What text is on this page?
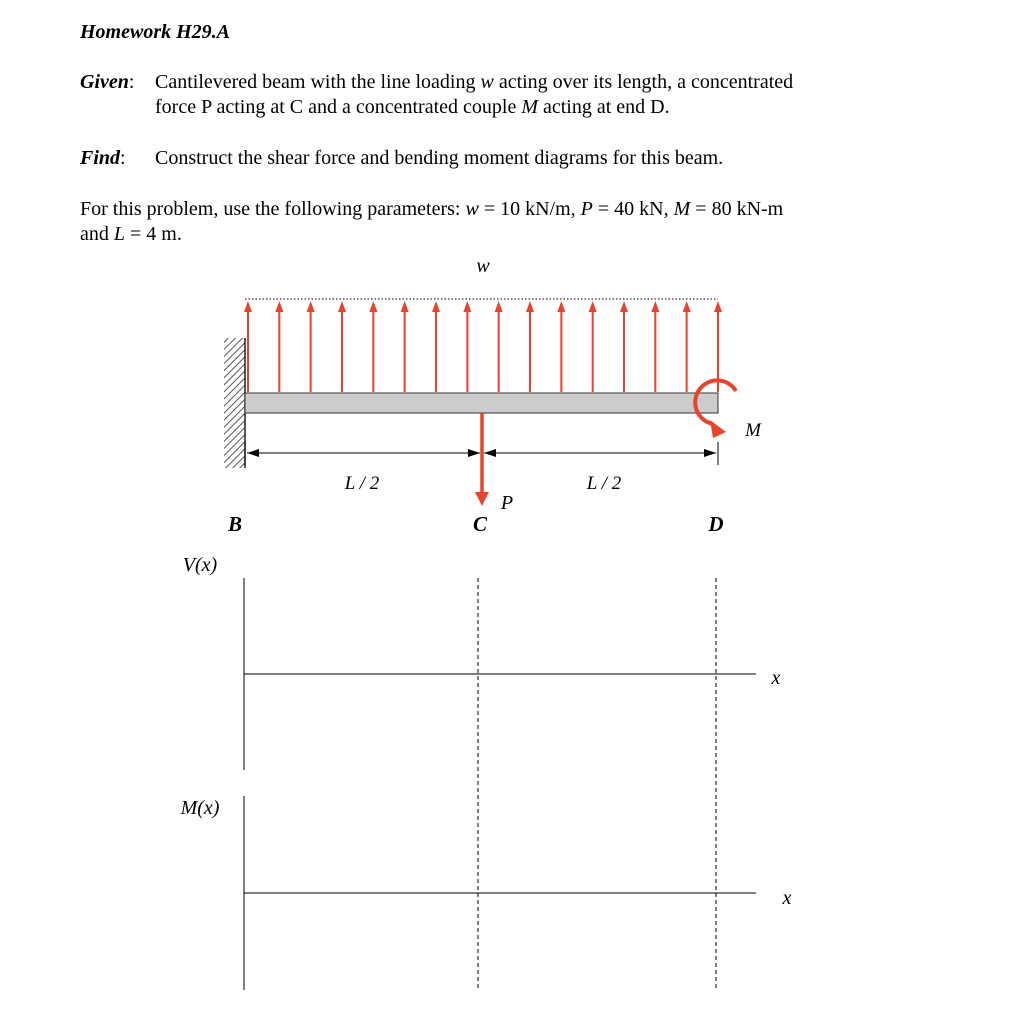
Homework H29.A
Given: Cantilevered beam with the line loading w acting over its length, a concentrated
force P acting at C and a concentrated couple M acting at end D.
Find: Construct the shear force and bending moment diagrams for this beam.
For this problem, use the following parameters: w = 10 kN/m, P = 40 kN, M = 80 kN-m
and L = 4 m.
w
M
P
L / 2	L / 2
B	C	D
V(x)
x
M(x)
x
